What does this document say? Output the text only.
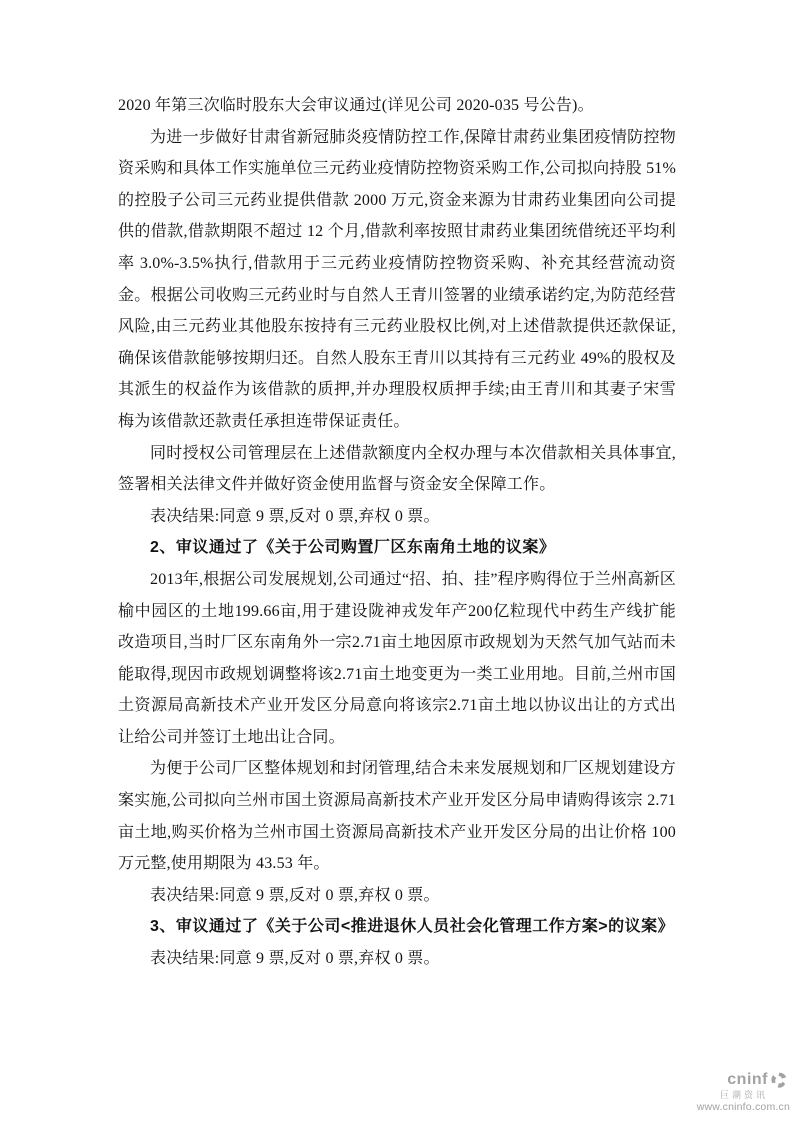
2020 年第三次临时股东大会审议通过(详见公司 2020-035 号公告)。

为进一步做好甘肃省新冠肺炎疫情防控工作,保障甘肃药业集团疫情防控物资采购和具体工作实施单位三元药业疫情防控物资采购工作,公司拟向持股 51%的控股子公司三元药业提供借款 2000 万元,资金来源为甘肃药业集团向公司提供的借款,借款期限不超过 12 个月,借款利率按照甘肃药业集团统借统还平均利率 3.0%-3.5%执行,借款用于三元药业疫情防控物资采购、补充其经营流动资金。根据公司收购三元药业时与自然人王青川签署的业绩承诺约定,为防范经营风险,由三元药业其他股东按持有三元药业股权比例,对上述借款提供还款保证,确保该借款能够按期归还。自然人股东王青川以其持有三元药业 49%的股权及其派生的权益作为该借款的质押,并办理股权质押手续;由王青川和其妻子宋雪梅为该借款还款责任承担连带保证责任。

同时授权公司管理层在上述借款额度内全权办理与本次借款相关具体事宜,签署相关法律文件并做好资金使用监督与资金安全保障工作。

表决结果:同意 9 票,反对 0 票,弃权 0 票。

2、审议通过了《关于公司购置厂区东南角土地的议案》

2013年,根据公司发展规划,公司通过“招、拍、挂”程序购得位于兰州高新区榆中园区的土地199.66亩,用于建设陇神戎发年产200亿粒现代中药生产线扩能改造项目,当时厂区东南角外一宗2.71亩土地因原市政规划为天然气加气站而未能取得,现因市政规划调整将该2.71亩土地变更为一类工业用地。目前,兰州市国土资源局高新技术产业开发区分局意向将该宗2.71亩土地以协议出让的方式出让给公司并签订土地出让合同。

为便于公司厂区整体规划和封闭管理,结合未来发展规划和厂区规划建设方案实施,公司拟向兰州市国土资源局高新技术产业开发区分局申请购得该宗 2.71 亩土地,购买价格为兰州市国土资源局高新技术产业开发区分局的出让价格 100 万元整,使用期限为 43.53 年。

表决结果:同意 9 票,反对 0 票,弃权 0 票。

3、审议通过了《关于公司<推进退休人员社会化管理工作方案>的议案》

表决结果:同意 9 票,反对 0 票,弃权 0 票。

cninf
巨潮资讯
www.cninfo.com.cn
